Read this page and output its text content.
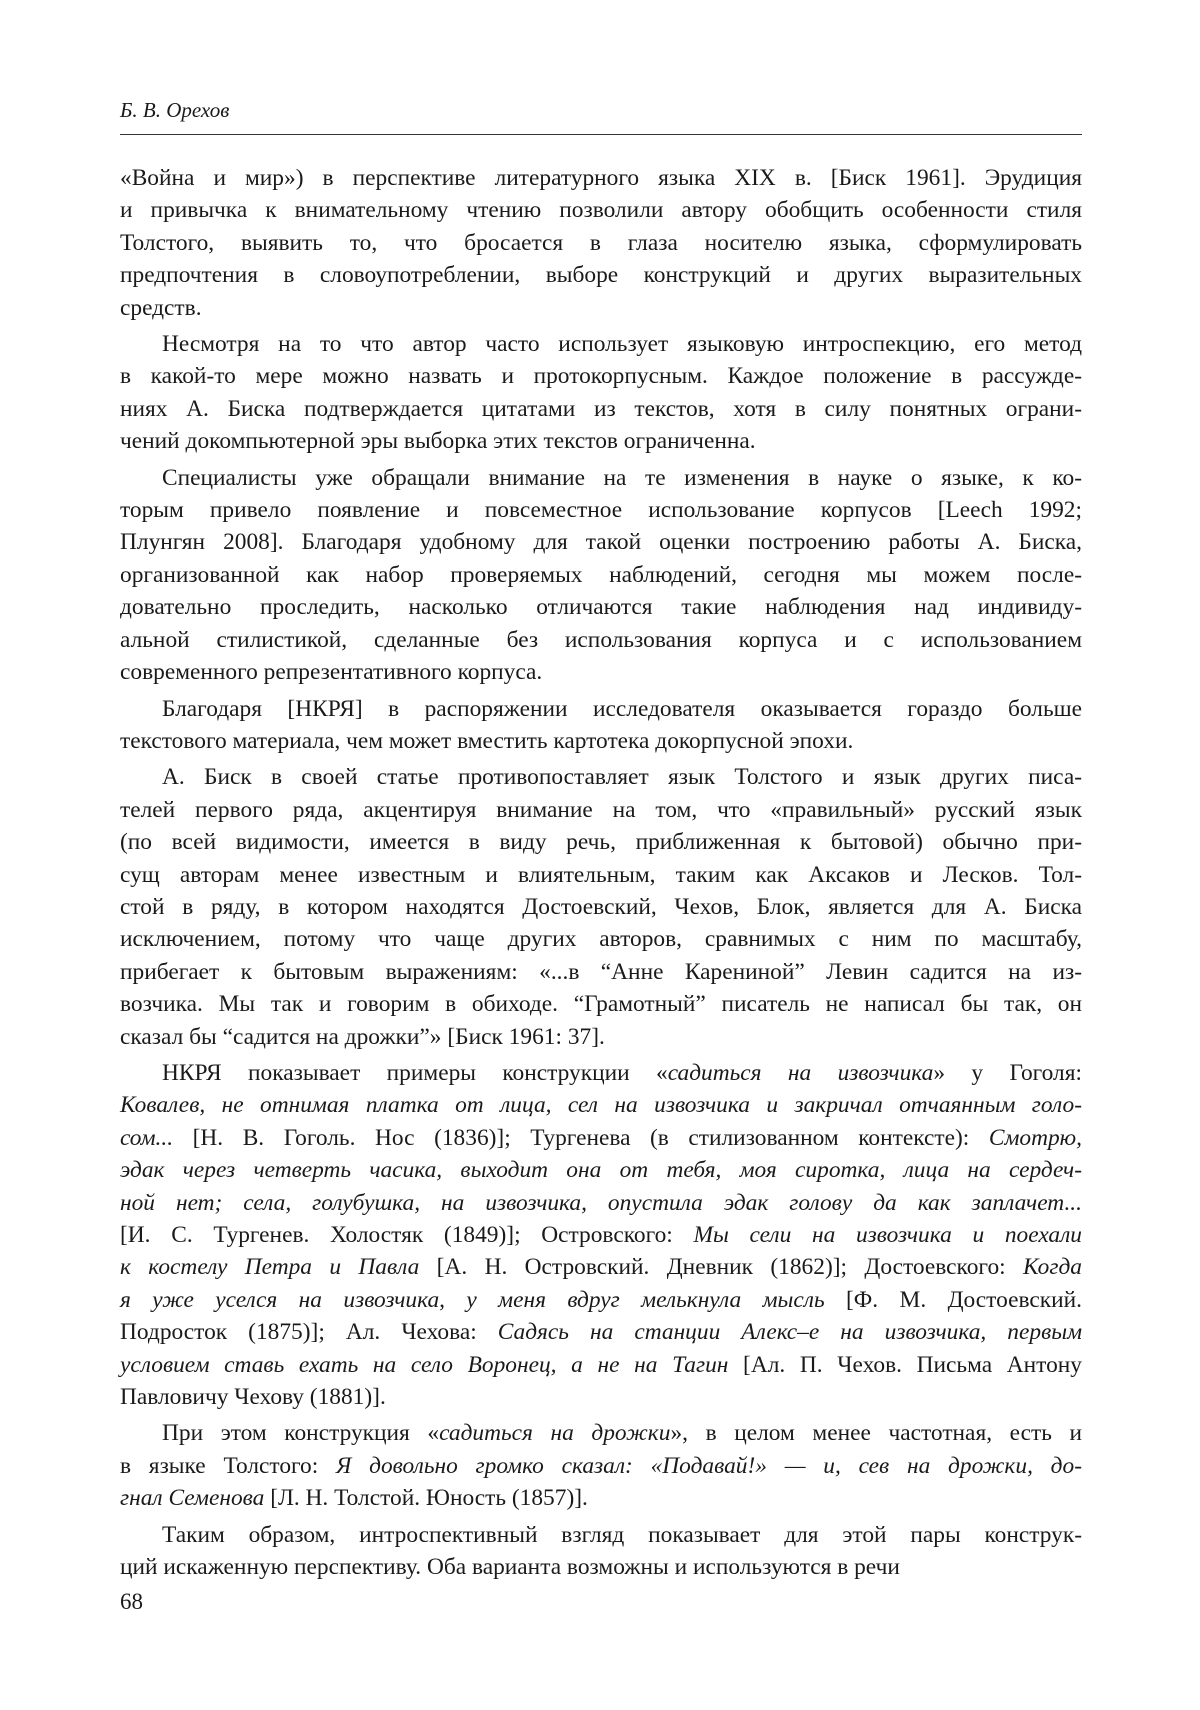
Б. В. Орехов

«Война и мир») в перспективе литературного языка XIX в. [Биск 1961]. Эрудиция
и привычка к внимательному чтению позволили автору обобщить особенности стиля
Толстого, выявить то, что бросается в глаза носителю языка, сформулировать
предпочтения в словоупотреблении, выборе конструкций и других выразительных
средств.

Несмотря на то что автор часто использует языковую интроспекцию, его метод
в какой-то мере можно назвать и протокорпусным. Каждое положение в рассужде-
ниях А. Биска подтверждается цитатами из текстов, хотя в силу понятных ограни-
чений докомпьютерной эры выборка этих текстов ограниченна.

Специалисты уже обращали внимание на те изменения в науке о языке, к ко-
торым привело появление и повсеместное использование корпусов [Leech 1992;
Плунгян 2008]. Благодаря удобному для такой оценки построению работы А. Биска,
организованной как набор проверяемых наблюдений, сегодня мы можем после-
довательно проследить, насколько отличаются такие наблюдения над индивиду-
альной стилистикой, сделанные без использования корпуса и с использованием
современного репрезентативного корпуса.

Благодаря [НКРЯ] в распоряжении исследователя оказывается гораздо больше
текстового материала, чем может вместить картотека докорпусной эпохи.

А. Биск в своей статье противопоставляет язык Толстого и язык других писа-
телей первого ряда, акцентируя внимание на том, что «правильный» русский язык
(по всей видимости, имеется в виду речь, приближенная к бытовой) обычно при-
сущ авторам менее известным и влиятельным, таким как Аксаков и Лесков. Тол-
стой в ряду, в котором находятся Достоевский, Чехов, Блок, является для А. Биска
исключением, потому что чаще других авторов, сравнимых с ним по масштабу,
прибегает к бытовым выражениям: «...в “Анне Карениной” Левин садится на из-
возчика. Мы так и говорим в обиходе. “Грамотный” писатель не написал бы так, он
сказал бы “садится на дрожки”» [Биск 1961: 37].

НКРЯ показывает примеры конструкции «садиться на извозчика» у Гоголя:
Ковалев, не отнимая платка от лица, сел на извозчика и закричал отчаянным голо-
сом... [Н. В. Гоголь. Нос (1836)]; Тургенева (в стилизованном контексте): Смотрю,
эдак через четверть часика, выходит она от тебя, моя сиротка, лица на сердеч-
ной нет; села, голубушка, на извозчика, опустила эдак голову да как заплачет...
[И. С. Тургенев. Холостяк (1849)]; Островского: Мы сели на извозчика и поехали
к костелу Петра и Павла [А. Н. Островский. Дневник (1862)]; Достоевского: Когда
я уже уселся на извозчика, у меня вдруг мелькнула мысль [Ф. М. Достоевский.
Подросток (1875)]; Ал. Чехова: Садясь на станции Алекс–е на извозчика, первым
условием ставь ехать на село Воронец, а не на Тагин [Ал. П. Чехов. Письма Антону
Павловичу Чехову (1881)].

При этом конструкция «садиться на дрожки», в целом менее частотная, есть и
в языке Толстого: Я довольно громко сказал: «Подавай!» — и, сев на дрожки, до-
гнал Семенова [Л. Н. Толстой. Юность (1857)].

Таким образом, интроспективный взгляд показывает для этой пары конструк-
ций искаженную перспективу. Оба варианта возможны и используются в речи

68
